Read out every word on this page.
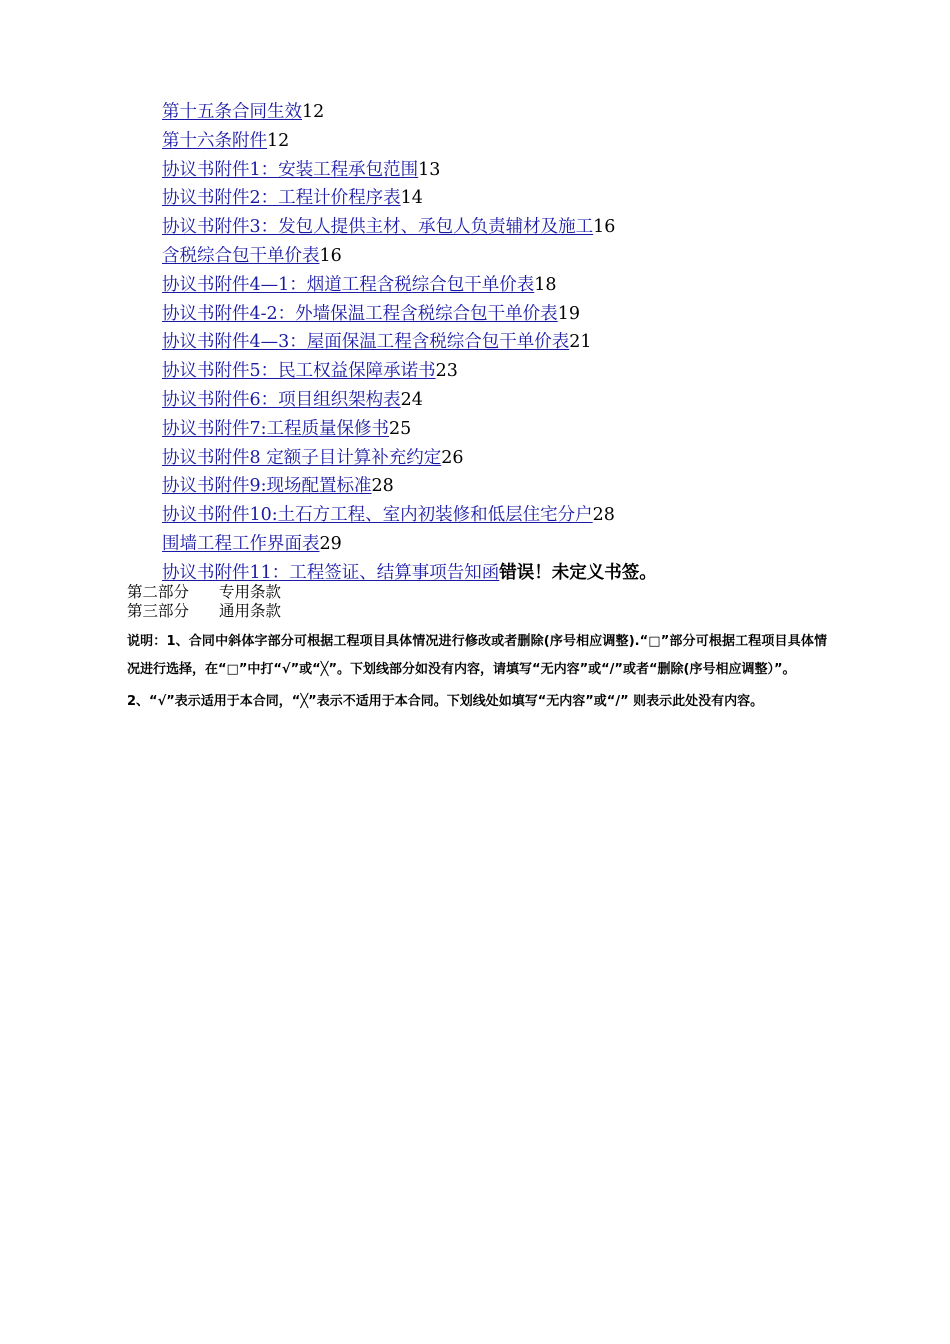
第十五条合同生效12
第十六条附件12
协议书附件1：安装工程承包范围13
协议书附件2：工程计价程序表14
协议书附件3：发包人提供主材、承包人负责辅材及施工16
含税综合包干单价表16
协议书附件4—1：烟道工程含税综合包干单价表18
协议书附件4-2：外墙保温工程含税综合包干单价表19
协议书附件4—3：屋面保温工程含税综合包干单价表21
协议书附件5：民工权益保障承诺书23
协议书附件6：项目组织架构表24
协议书附件7:工程质量保修书25
协议书附件8 定额子目计算补充约定26
协议书附件9:现场配置标准28
协议书附件10:土石方工程、室内初装修和低层住宅分户28
围墙工程工作界面表29
协议书附件11：工程签证、结算事项告知函错误！未定义书签。
第二部分 专用条款
第三部分 通用条款

说明：1、合同中斜体字部分可根据工程项目具体情况进行修改或者删除(序号相应调整).“□”部分可根据工程项目具体情况进行选择，在“□”中打“√”或“╳”。下划线部分如没有内容，请填写“无内容”或“/”或者“删除(序号相应调整）”。

2、“√”表示适用于本合同，“╳”表示不适用于本合同。下划线处如填写“无内容”或“/” 则表示此处没有内容。
